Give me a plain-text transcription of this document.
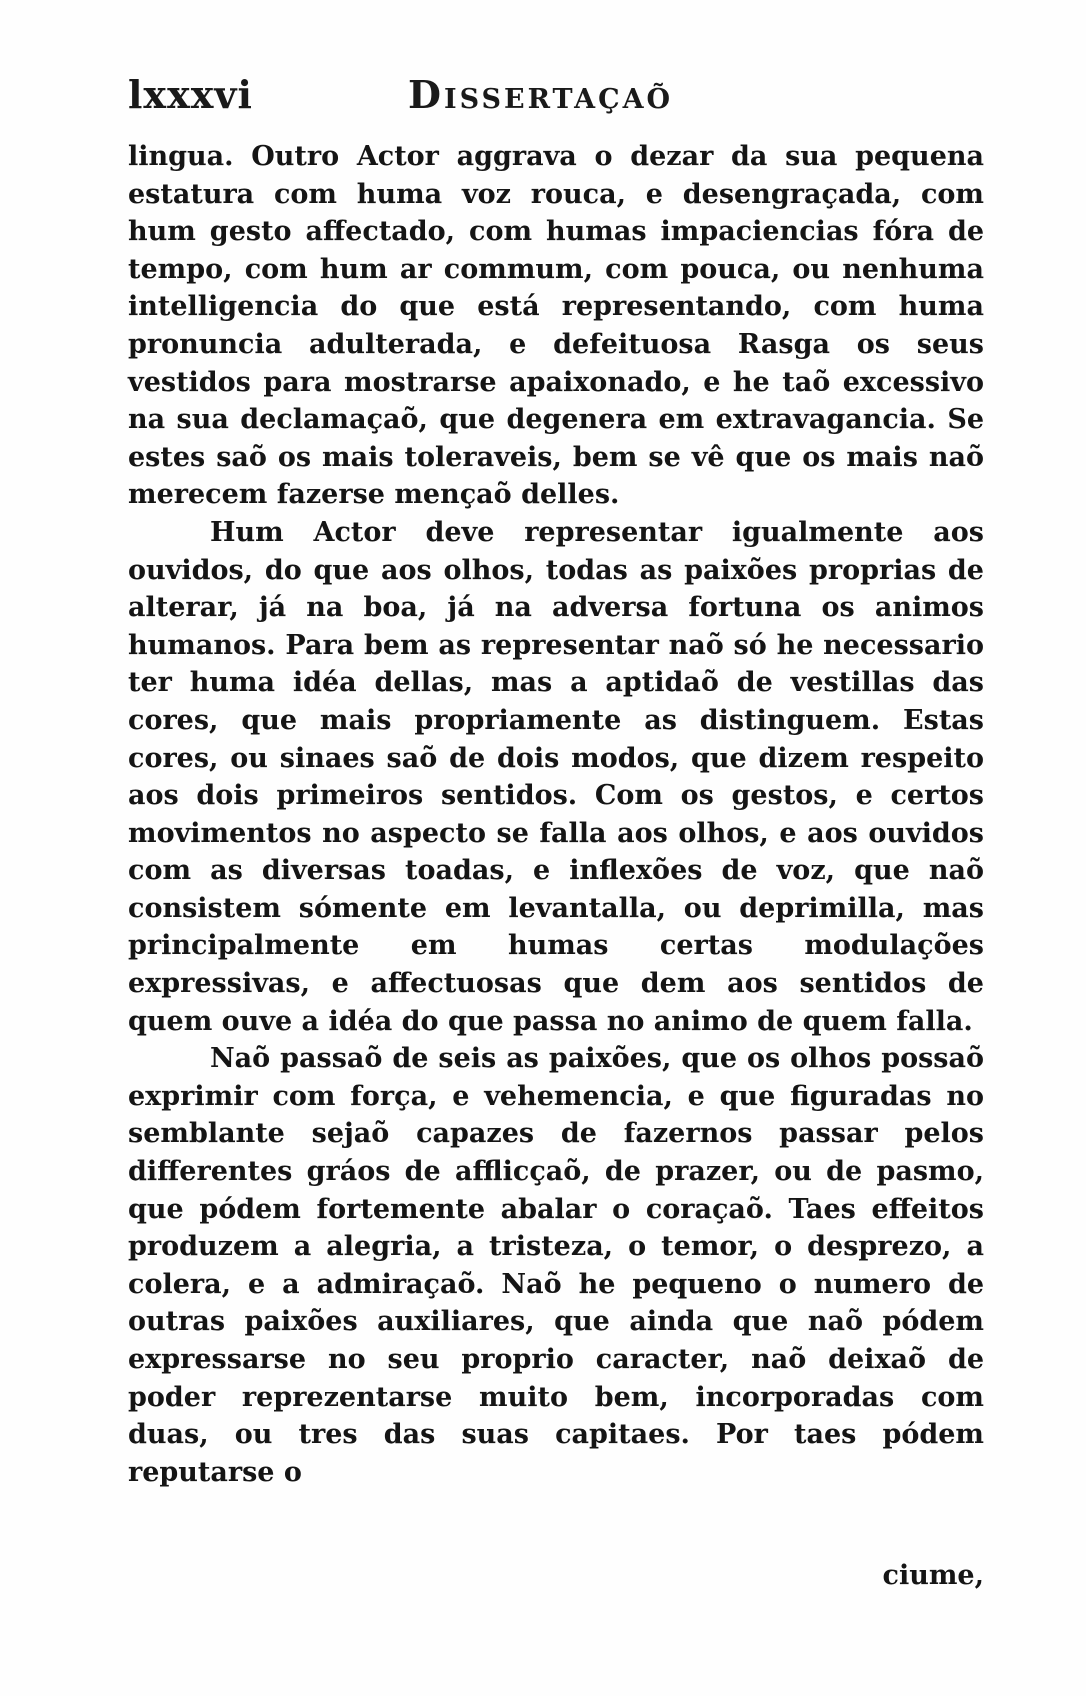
lxxxvi	Dissertaçaõ

lingua. Outro Actor aggrava o dezar da sua pequena estatura com huma voz rouca, e desengraçada, com hum gesto affectado, com humas impaciencias fóra de tempo, com hum ar commum, com pouca, ou nenhuma intelligencia do que está representando, com huma pronuncia adulterada, e defeituosa Rasga os seus vestidos para mostrarse apaixonado, e he taõ excessivo na sua declamaçaõ, que degenera em extravagancia. Se estes saõ os mais toleraveis, bem se vê que os mais naõ merecem fazerse mençaõ delles.

Hum Actor deve representar igualmente aos ouvidos, do que aos olhos, todas as paixões proprias de alterar, já na boa, já na adversa fortuna os animos humanos. Para bem as representar naõ só he necessario ter huma idéa dellas, mas a aptidaõ de vestillas das cores, que mais propriamente as distinguem. Estas cores, ou sinaes saõ de dois modos, que dizem respeito aos dois primeiros sentidos. Com os gestos, e certos movimentos no aspecto se falla aos olhos, e aos ouvidos com as diversas toadas, e inflexões de voz, que naõ consistem sómente em levantalla, ou deprimilla, mas principalmente em humas certas modulações expressivas, e affectuosas que dem aos sentidos de quem ouve a idéa do que passa no animo de quem falla.

Naõ passaõ de seis as paixões, que os olhos possaõ exprimir com força, e vehemencia, e que figuradas no semblante sejaõ capazes de fazernos passar pelos differentes gráos de afflicçaõ, de prazer, ou de pasmo, que pódem fortemente abalar o coraçaõ. Taes effeitos produzem a alegria, a tristeza, o temor, o desprezo, a colera, e a admiraçaõ. Naõ he pequeno o numero de outras paixões auxiliares, que ainda que naõ pódem expressarse no seu proprio caracter, naõ deixaõ de poder reprezentarse muito bem, incorporadas com duas, ou tres das suas capitaes. Por taes pódem reputarse o

ciume,
